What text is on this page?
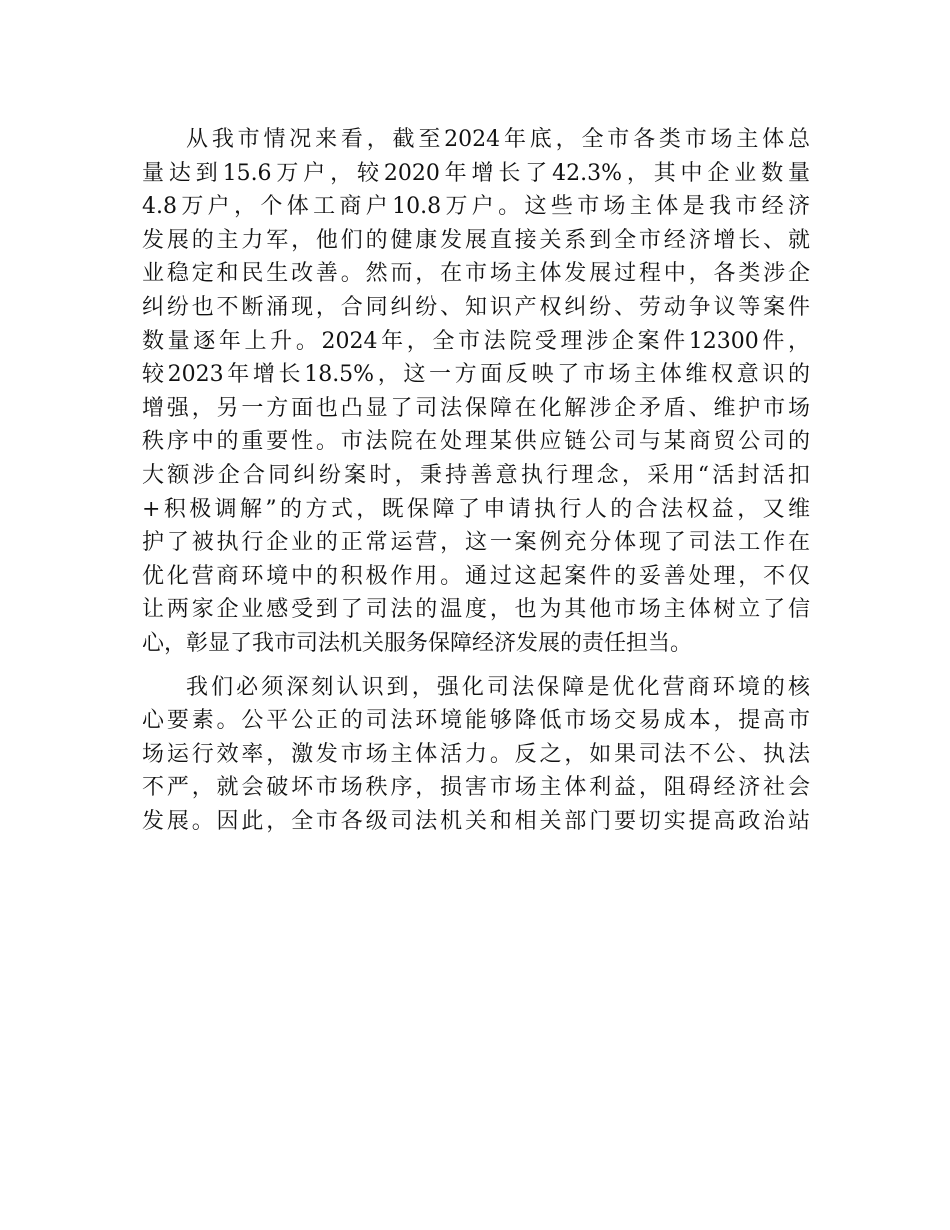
从我市情况来看，截至2024年底，全市各类市场主体总
量达到15.6万户，较2020年增长了42.3%，其中企业数量
4.8万户，个体工商户10.8万户。这些市场主体是我市经济
发展的主力军，他们的健康发展直接关系到全市经济增长、就
业稳定和民生改善。然而，在市场主体发展过程中，各类涉企
纠纷也不断涌现，合同纠纷、知识产权纠纷、劳动争议等案件
数量逐年上升。2024年，全市法院受理涉企案件12300件，
较2023年增长18.5%，这一方面反映了市场主体维权意识的
增强，另一方面也凸显了司法保障在化解涉企矛盾、维护市场
秩序中的重要性。市法院在处理某供应链公司与某商贸公司的
大额涉企合同纠纷案时，秉持善意执行理念，采用“活封活扣
+积极调解”的方式，既保障了申请执行人的合法权益，又维
护了被执行企业的正常运营，这一案例充分体现了司法工作在
优化营商环境中的积极作用。通过这起案件的妥善处理，不仅
让两家企业感受到了司法的温度，也为其他市场主体树立了信
心，彰显了我市司法机关服务保障经济发展的责任担当。
我们必须深刻认识到，强化司法保障是优化营商环境的核
心要素。公平公正的司法环境能够降低市场交易成本，提高市
场运行效率，激发市场主体活力。反之，如果司法不公、执法
不严，就会破坏市场秩序，损害市场主体利益，阻碍经济社会
发展。因此，全市各级司法机关和相关部门要切实提高政治站
